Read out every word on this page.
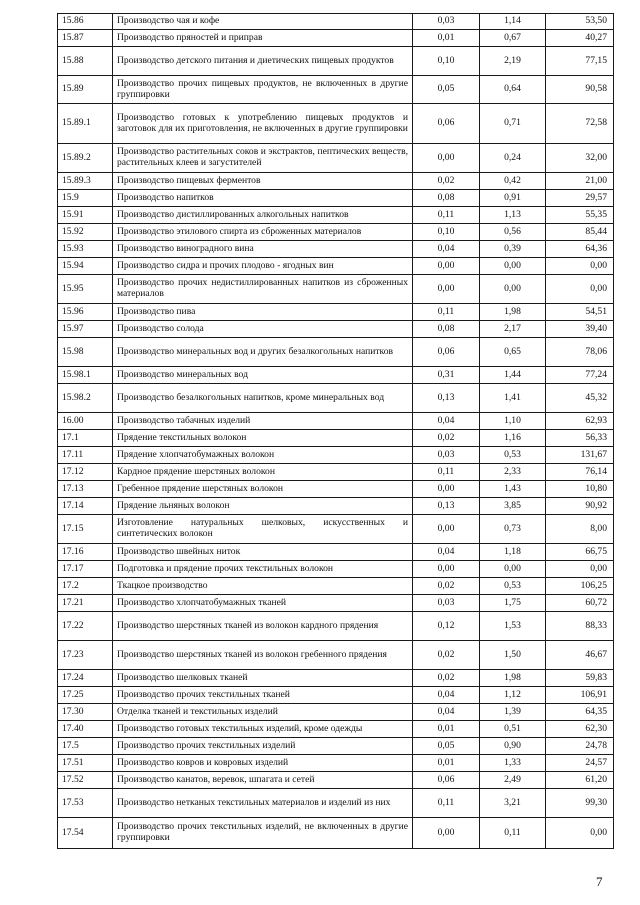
15.86	Производство чая и кофе	0,03	1,14	53,50
15.87	Производство пряностей и приправ	0,01	0,67	40,27
15.88	Производство детского питания и диетических пищевых продуктов	0,10	2,19	77,15
15.89	Производство прочих пищевых продуктов, не включенных в другие группировки	0,05	0,64	90,58
15.89.1	Производство готовых к употреблению пищевых продуктов и заготовок для их приготовления, не включенных в другие группировки	0,06	0,71	72,58
15.89.2	Производство растительных соков и экстрактов, пептических веществ, растительных клеев и загустителей	0,00	0,24	32,00
15.89.3	Производство пищевых ферментов	0,02	0,42	21,00
15.9	Производство напитков	0,08	0,91	29,57
15.91	Производство дистиллированных алкогольных напитков	0,11	1,13	55,35
15.92	Производство этилового спирта из сброженных материалов	0,10	0,56	85,44
15.93	Производство виноградного вина	0,04	0,39	64,36
15.94	Производство сидра и прочих плодово - ягодных вин	0,00	0,00	0,00
15.95	Производство прочих недистиллированных напитков из сброженных материалов	0,00	0,00	0,00
15.96	Производство пива	0,11	1,98	54,51
15.97	Производство солода	0,08	2,17	39,40
15.98	Производство минеральных вод и других безалкогольных напитков	0,06	0,65	78,06
15.98.1	Производство минеральных вод	0,31	1,44	77,24
15.98.2	Производство безалкогольных напитков, кроме минеральных вод	0,13	1,41	45,32
16.00	Производство табачных изделий	0,04	1,10	62,93
17.1	Прядение текстильных волокон	0,02	1,16	56,33
17.11	Прядение хлопчатобумажных волокон	0,03	0,53	131,67
17.12	Кардное прядение шерстяных волокон	0,11	2,33	76,14
17.13	Гребенное прядение шерстяных волокон	0,00	1,43	10,80
17.14	Прядение льняных волокон	0,13	3,85	90,92
17.15	Изготовление натуральных шелковых, искусственных и синтетических волокон	0,00	0,73	8,00
17.16	Производство швейных ниток	0,04	1,18	66,75
17.17	Подготовка и прядение прочих текстильных волокон	0,00	0,00	0,00
17.2	Ткацкое производство	0,02	0,53	106,25
17.21	Производство хлопчатобумажных тканей	0,03	1,75	60,72
17.22	Производство шерстяных тканей из волокон кардного прядения	0,12	1,53	88,33
17.23	Производство шерстяных тканей из волокон гребенного прядения	0,02	1,50	46,67
17.24	Производство шелковых тканей	0,02	1,98	59,83
17.25	Производство прочих текстильных тканей	0,04	1,12	106,91
17.30	Отделка тканей и текстильных изделий	0,04	1,39	64,35
17.40	Производство готовых текстильных изделий, кроме одежды	0,01	0,51	62,30
17.5	Производство прочих текстильных изделий	0,05	0,90	24,78
17.51	Производство ковров и ковровых изделий	0,01	1,33	24,57
17.52	Производство канатов, веревок, шпагата и сетей	0,06	2,49	61,20
17.53	Производство нетканых текстильных материалов и изделий из них	0,11	3,21	99,30
17.54	Производство прочих текстильных изделий, не включенных в другие группировки	0,00	0,11	0,00
7
